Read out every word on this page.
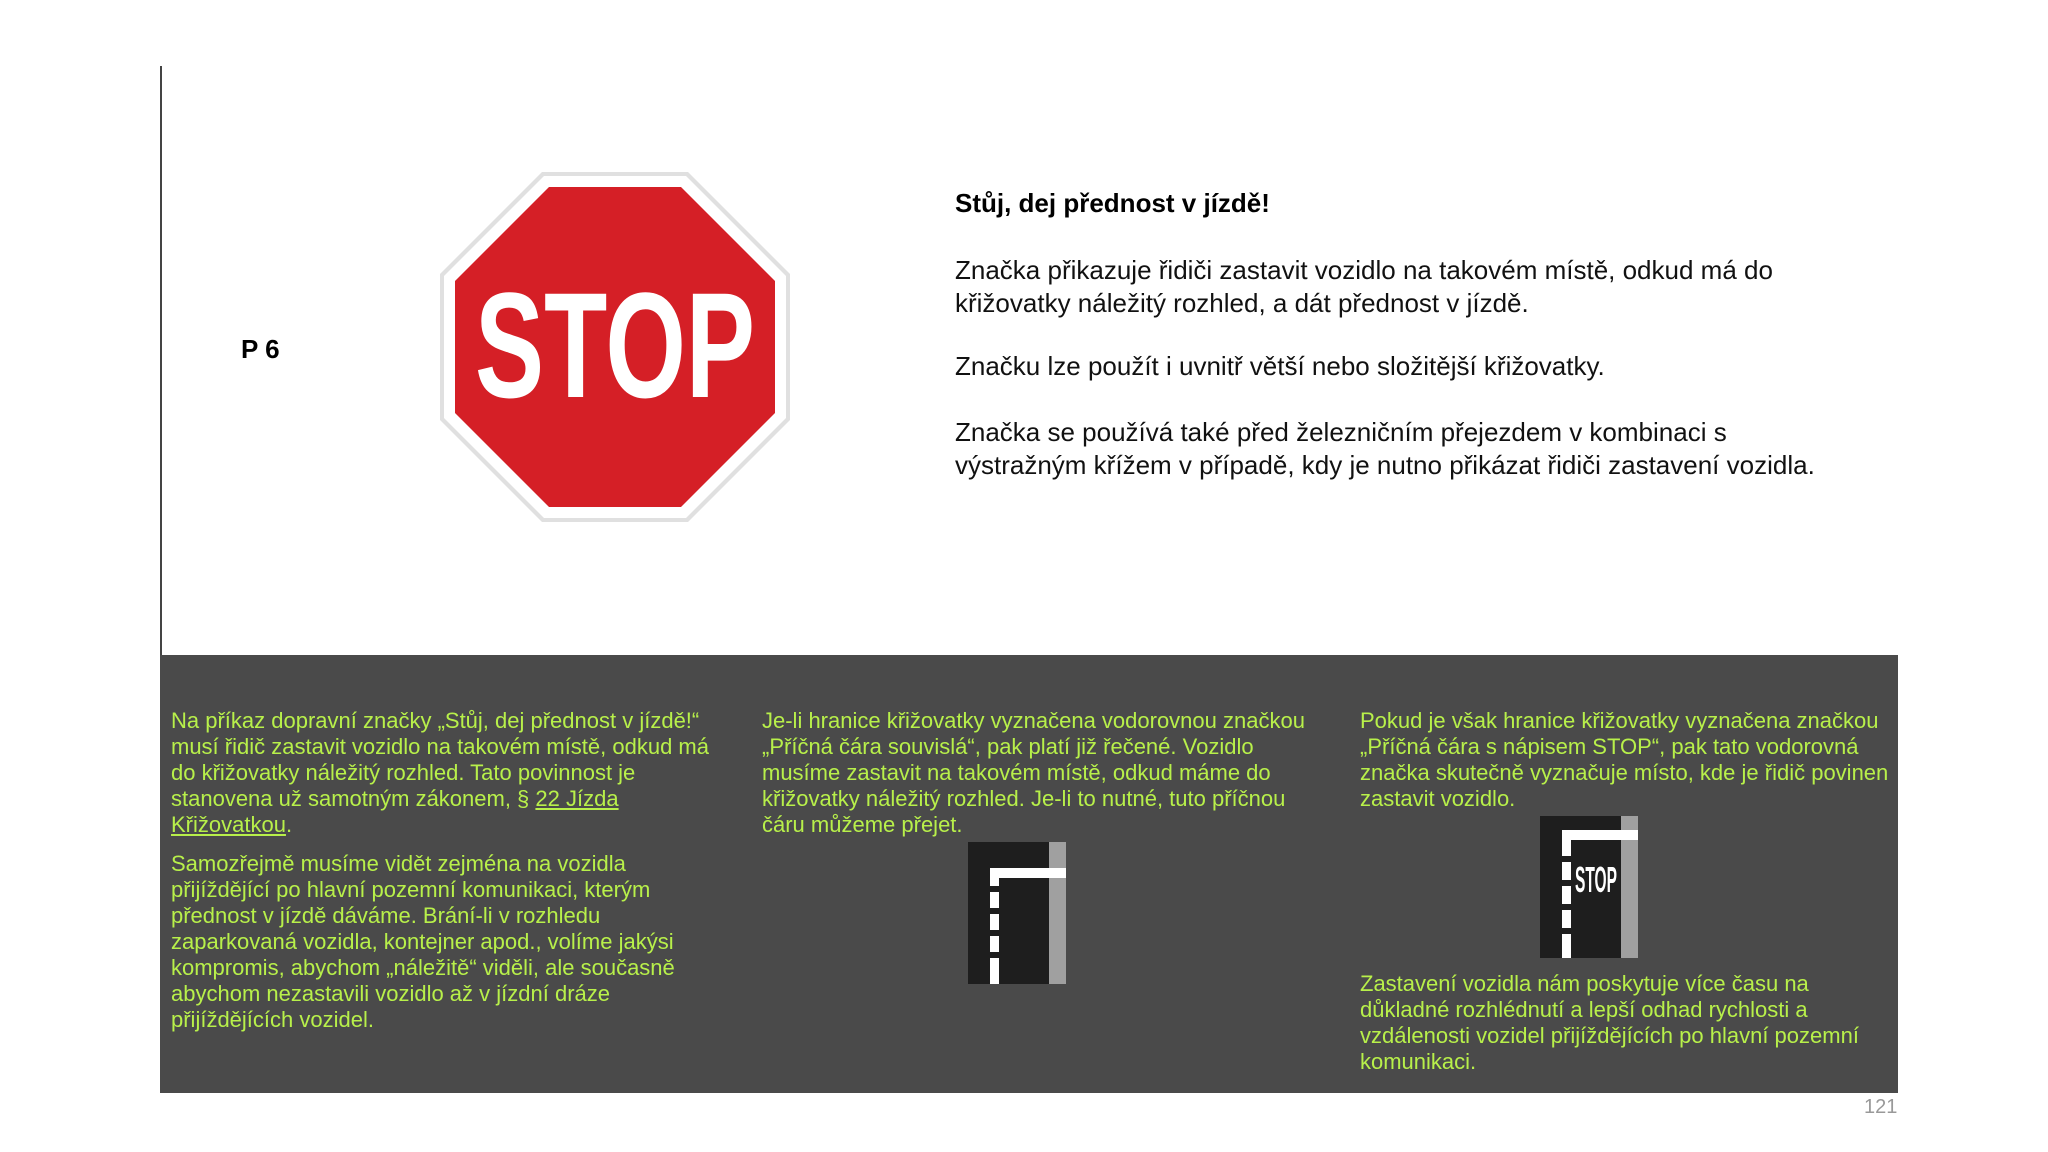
P 6 STOP
Stůj, dej přednost v jízdě!
Značka přikazuje řidiči zastavit vozidlo na takovém místě, odkud má do křižovatky náležitý rozhled, a dát přednost v jízdě.
Značku lze použít i uvnitř větší nebo složitější křižovatky.
Značka se používá také před železničním přejezdem v kombinaci s výstražným křížem v případě, kdy je nutno přikázat řidiči zastavení vozidla.
Na příkaz dopravní značky „Stůj, dej přednost v jízdě!“ musí řidič zastavit vozidlo na takovém místě, odkud má do křižovatky náležitý rozhled. Tato povinnost je stanovena už samotným zákonem, § 22 Jízda Křižovatkou.
Samozřejmě musíme vidět zejména na vozidla přijíždějící po hlavní pozemní komunikaci, kterým přednost v jízdě dáváme. Brání-li v rozhledu zaparkovaná vozidla, kontejner apod., volíme jakýsi kompromis, abychom „náležitě“ viděli, ale současně abychom nezastavili vozidlo až v jízdní dráze přijíždějících vozidel.
Je-li hranice křižovatky vyznačena vodorovnou značkou „Příčná čára souvislá“, pak platí již řečené. Vozidlo musíme zastavit na takovém místě, odkud máme do křižovatky náležitý rozhled. Je-li to nutné, tuto příčnou čáru můžeme přejet.
Pokud je však hranice křižovatky vyznačena značkou „Příčná čára s nápisem STOP“, pak tato vodorovná značka skutečně vyznačuje místo, kde je řidič povinen zastavit vozidlo.
STOP
Zastavení vozidla nám poskytuje více času na důkladné rozhlédnutí a lepší odhad rychlosti a vzdálenosti vozidel přijíždějících po hlavní pozemní komunikaci.
121
